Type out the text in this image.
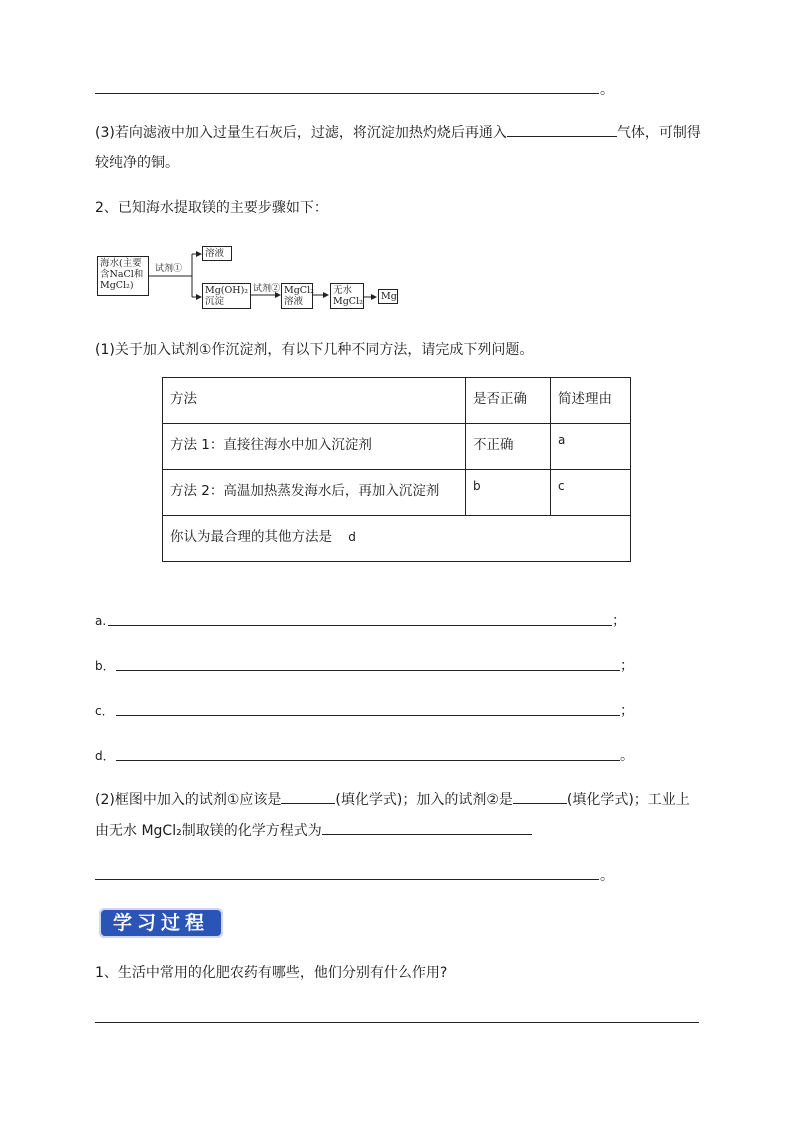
。
(3)若向滤液中加入过量生石灰后，过滤，将沉淀加热灼烧后再通入	气体，可制得
较纯净的铜。
2、已知海水提取镁的主要步骤如下：
海水(主要
含NaCl和
MgCl₂)
试剂①
溶液
Mg(OH)₂
沉淀
试剂② MgCl₂
溶液
无水
MgCl₂	Mg
(1)关于加入试剂①作沉淀剂，有以下几种不同方法，请完成下列问题。
方法	是否正确	简述理由
方法 1：直接往海水中加入沉淀剂	不正确	a
方法 2：高温加热蒸发海水后，再加入沉淀剂	b	c
你认为最合理的其他方法是 d		
a.	；
b．	；
c．	；
d．	。
(2)框图中加入的试剂①应该是	(填化学式)；加入的试剂②是	(填化学式)；工业上
由无水 MgCl₂制取镁的化学方程式为
。
学习过程
1、生活中常用的化肥农药有哪些，他们分别有什么作用?
